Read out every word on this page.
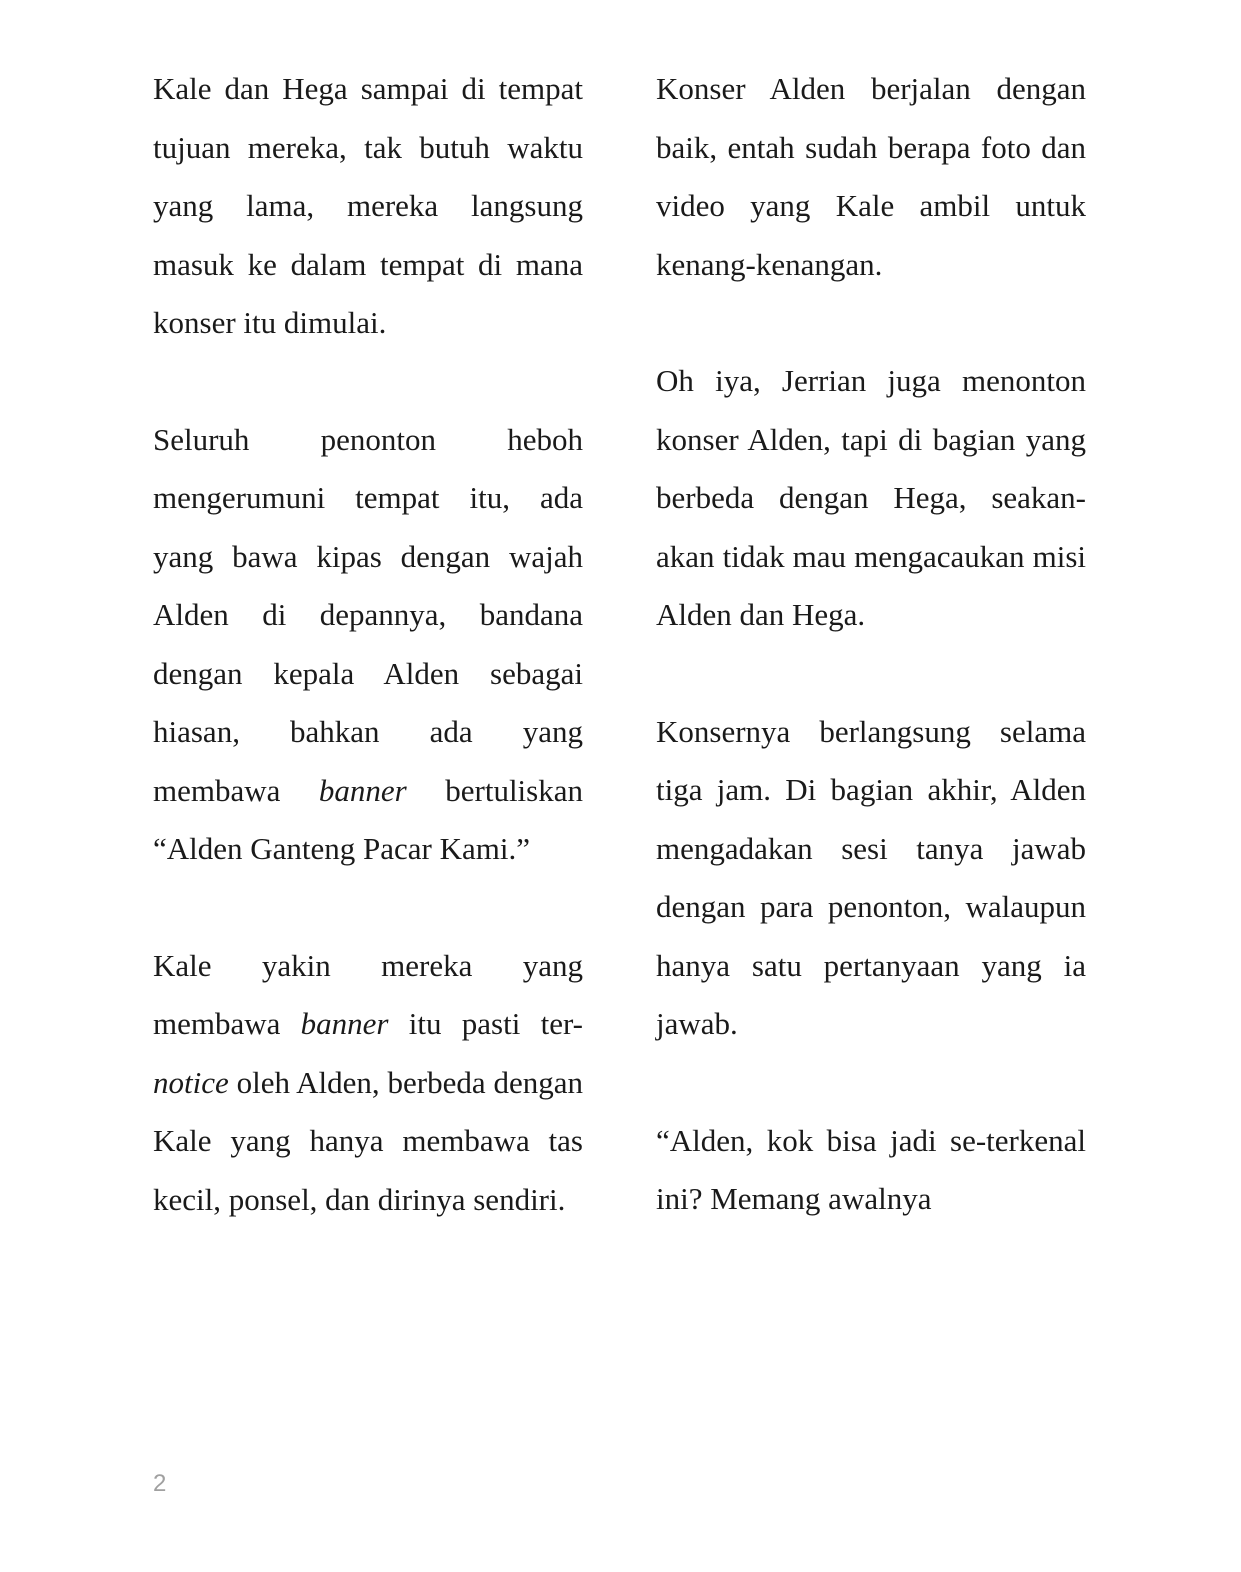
Kale dan Hega sampai di tempat tujuan mereka, tak butuh waktu yang lama, mereka langsung masuk ke dalam tempat di mana konser itu dimulai.

Seluruh penonton heboh mengerumuni tempat itu, ada yang bawa kipas dengan wajah Alden di depannya, bandana dengan kepala Alden sebagai hiasan, bahkan ada yang membawa banner bertuliskan “Alden Ganteng Pacar Kami.”

Kale yakin mereka yang membawa banner itu pasti ter-notice oleh Alden, berbeda dengan Kale yang hanya membawa tas kecil, ponsel, dan dirinya sendiri.

Konser Alden berjalan dengan baik, entah sudah berapa foto dan video yang Kale ambil untuk kenang-kenangan.

Oh iya, Jerrian juga menonton konser Alden, tapi di bagian yang berbeda dengan Hega, seakan-akan tidak mau mengacaukan misi Alden dan Hega.

Konsernya berlangsung selama tiga jam. Di bagian akhir, Alden mengadakan sesi tanya jawab dengan para penonton, walaupun hanya satu pertanyaan yang ia jawab.

“Alden, kok bisa jadi se-terkenal ini? Memang awalnya

2
